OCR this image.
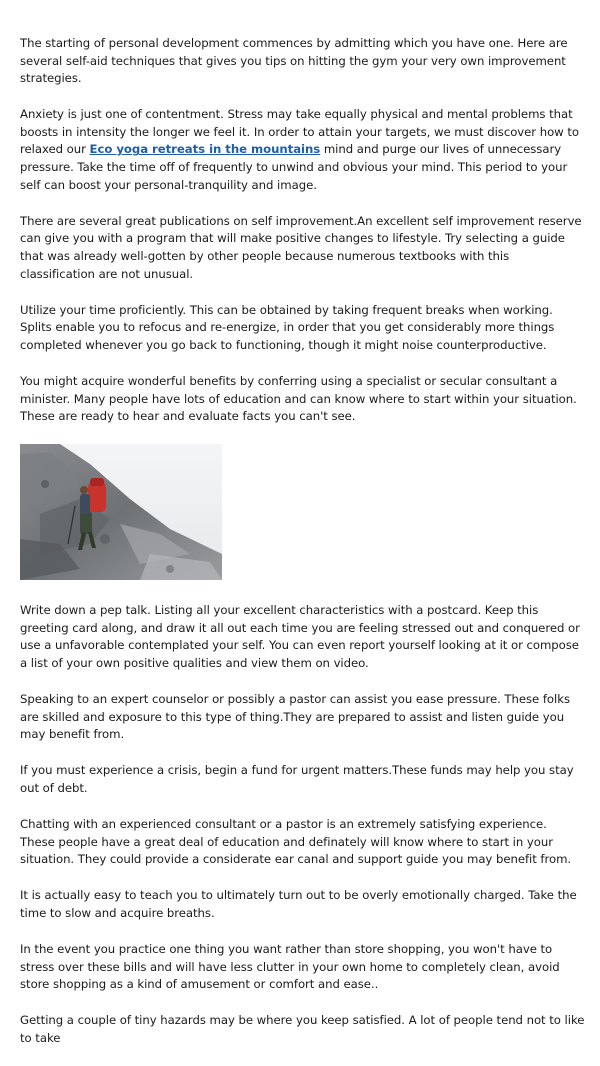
The starting of personal development commences by admitting which you have one. Here are several self-aid techniques that gives you tips on hitting the gym your very own improvement strategies.

Anxiety is just one of contentment. Stress may take equally physical and mental problems that boosts in intensity the longer we feel it. In order to attain your targets, we must discover how to relaxed our Eco yoga retreats in the mountains mind and purge our lives of unnecessary pressure. Take the time off of frequently to unwind and obvious your mind. This period to your self can boost your personal-tranquility and image.

There are several great publications on self improvement.An excellent self improvement reserve can give you with a program that will make positive changes to lifestyle. Try selecting a guide that was already well-gotten by other people because numerous textbooks with this classification are not unusual.

Utilize your time proficiently. This can be obtained by taking frequent breaks when working. Splits enable you to refocus and re-energize, in order that you get considerably more things completed whenever you go back to functioning, though it might noise counterproductive.

You might acquire wonderful benefits by conferring using a specialist or secular consultant a minister. Many people have lots of education and can know where to start within your situation. These are ready to hear and evaluate facts you can't see.

Write down a pep talk. Listing all your excellent characteristics with a postcard. Keep this greeting card along, and draw it all out each time you are feeling stressed out and conquered or use a unfavorable contemplated your self. You can even report yourself looking at it or compose a list of your own positive qualities and view them on video.

Speaking to an expert counselor or possibly a pastor can assist you ease pressure. These folks are skilled and exposure to this type of thing.They are prepared to assist and listen guide you may benefit from.

If you must experience a crisis, begin a fund for urgent matters.These funds may help you stay out of debt.

Chatting with an experienced consultant or a pastor is an extremely satisfying experience. These people have a great deal of education and definately will know where to start in your situation. They could provide a considerate ear canal and support guide you may benefit from.

It is actually easy to teach you to ultimately turn out to be overly emotionally charged. Take the time to slow and acquire breaths.

In the event you practice one thing you want rather than store shopping, you won't have to stress over these bills and will have less clutter in your own home to completely clean, avoid store shopping as a kind of amusement or comfort and ease..

Getting a couple of tiny hazards may be where you keep satisfied. A lot of people tend not to like to take
